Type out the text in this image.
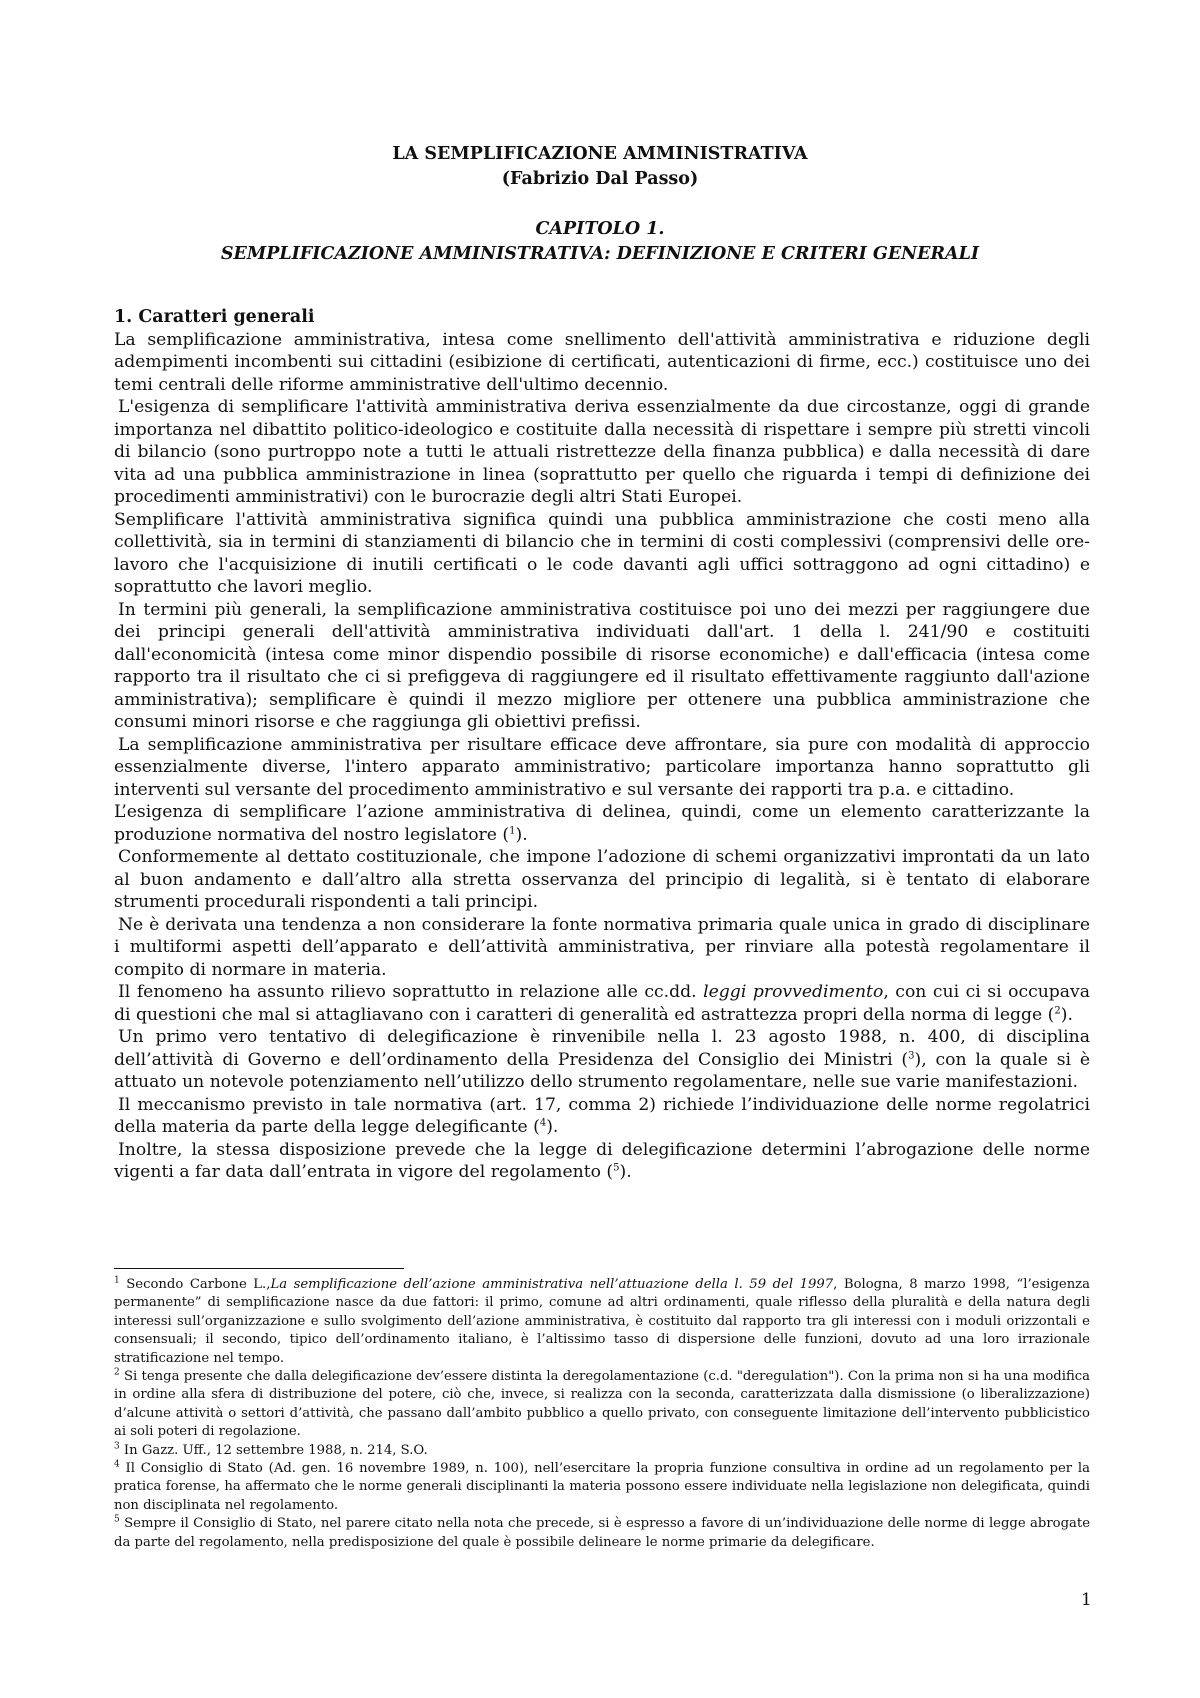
LA SEMPLIFICAZIONE AMMINISTRATIVA
(Fabrizio Dal Passo)
CAPITOLO 1.
SEMPLIFICAZIONE AMMINISTRATIVA: DEFINIZIONE E CRITERI GENERALI
1. Caratteri generali

La semplificazione amministrativa, intesa come snellimento dell'attività amministrativa e riduzione degli adempimenti incombenti sui cittadini (esibizione di certificati, autenticazioni di firme, ecc.) costituisce uno dei temi centrali delle riforme amministrative dell'ultimo decennio.

L'esigenza di semplificare l'attività amministrativa deriva essenzialmente da due circostanze, oggi di grande importanza nel dibattito politico-ideologico e costituite dalla necessità di rispettare i sempre più stretti vincoli di bilancio (sono purtroppo note a tutti le attuali ristrettezze della finanza pubblica) e dalla necessità di dare vita ad una pubblica amministrazione in linea (soprattutto per quello che riguarda i tempi di definizione dei procedimenti amministrativi) con le burocrazie degli altri Stati Europei.

Semplificare l'attività amministrativa significa quindi una pubblica amministrazione che costi meno alla collettività, sia in termini di stanziamenti di bilancio che in termini di costi complessivi (comprensivi delle ore-lavoro che l'acquisizione di inutili certificati o le code davanti agli uffici sottraggono ad ogni cittadino) e soprattutto che lavori meglio.

In termini più generali, la semplificazione amministrativa costituisce poi uno dei mezzi per raggiungere due dei principi generali dell'attività amministrativa individuati dall'art. 1 della l. 241/90 e costituiti dall'economicità (intesa come minor dispendio possibile di risorse economiche) e dall'efficacia (intesa come rapporto tra il risultato che ci si prefiggeva di raggiungere ed il risultato effettivamente raggiunto dall'azione amministrativa); semplificare è quindi il mezzo migliore per ottenere una pubblica amministrazione che consumi minori risorse e che raggiunga gli obiettivi prefissi.

La semplificazione amministrativa per risultare efficace deve affrontare, sia pure con modalità di approccio essenzialmente diverse, l'intero apparato amministrativo; particolare importanza hanno soprattutto gli interventi sul versante del procedimento amministrativo e sul versante dei rapporti tra p.a. e cittadino.

L’esigenza di semplificare l’azione amministrativa di delinea, quindi, come un elemento caratterizzante la produzione normativa del nostro legislatore ($^1$).

Conformemente al dettato costituzionale, che impone l’adozione di schemi organizzativi improntati da un lato al buon andamento e dall’altro alla stretta osservanza del principio di legalità, si è tentato di elaborare strumenti procedurali rispondenti a tali principi.

Ne è derivata una tendenza a non considerare la fonte normativa primaria quale unica in grado di disciplinare i multiformi aspetti dell’apparato e dell’attività amministrativa, per rinviare alla potestà regolamentare il compito di normare in materia.

Il fenomeno ha assunto rilievo soprattutto in relazione alle cc.dd. leggi provvedimento, con cui ci si occupava di questioni che mal si attagliavano con i caratteri di generalità ed astrattezza propri della norma di legge ($^2$).

Un primo vero tentativo di delegificazione è rinvenibile nella l. 23 agosto 1988, n. 400, di disciplina dell’attività di Governo e dell’ordinamento della Presidenza del Consiglio dei Ministri ($^3$), con la quale si è attuato un notevole potenziamento nell’utilizzo dello strumento regolamentare, nelle sue varie manifestazioni.

Il meccanismo previsto in tale normativa (art. 17, comma 2) richiede l’individuazione delle norme regolatrici della materia da parte della legge delegificante ($^4$).

Inoltre, la stessa disposizione prevede che la legge di delegificazione determini l’abrogazione delle norme vigenti a far data dall’entrata in vigore del regolamento ($^5$).

$^1$ Secondo Carbone L.,La semplificazione dell’azione amministrativa nell’attuazione della l. 59 del 1997, Bologna, 8 marzo 1998, “l’esigenza permanente” di semplificazione nasce da due fattori: il primo, comune ad altri ordinamenti, quale riflesso della pluralità e della natura degli interessi sull’organizzazione e sullo svolgimento dell’azione amministrativa, è costituito dal rapporto tra gli interessi con i moduli orizzontali e consensuali; il secondo, tipico dell’ordinamento italiano, è l’altissimo tasso di dispersione delle funzioni, dovuto ad una loro irrazionale stratificazione nel tempo.

$^2$ Si tenga presente che dalla delegificazione dev’essere distinta la deregolamentazione (c.d. "deregulation"). Con la prima non si ha una modifica in ordine alla sfera di distribuzione del potere, ciò che, invece, si realizza con la seconda, caratterizzata dalla dismissione (o liberalizzazione) d’alcune attività o settori d’attività, che passano dall’ambito pubblico a quello privato, con conseguente limitazione dell’intervento pubblicistico ai soli poteri di regolazione.

$^3$ In Gazz. Uff., 12 settembre 1988, n. 214, S.O.

$^4$ Il Consiglio di Stato (Ad. gen. 16 novembre 1989, n. 100), nell’esercitare la propria funzione consultiva in ordine ad un regolamento per la pratica forense, ha affermato che le norme generali disciplinanti la materia possono essere individuate nella legislazione non delegificata, quindi non disciplinata nel regolamento.

$^5$ Sempre il Consiglio di Stato, nel parere citato nella nota che precede, si è espresso a favore di un’individuazione delle norme di legge abrogate da parte del regolamento, nella predisposizione del quale è possibile delineare le norme primarie da delegificare.

1
